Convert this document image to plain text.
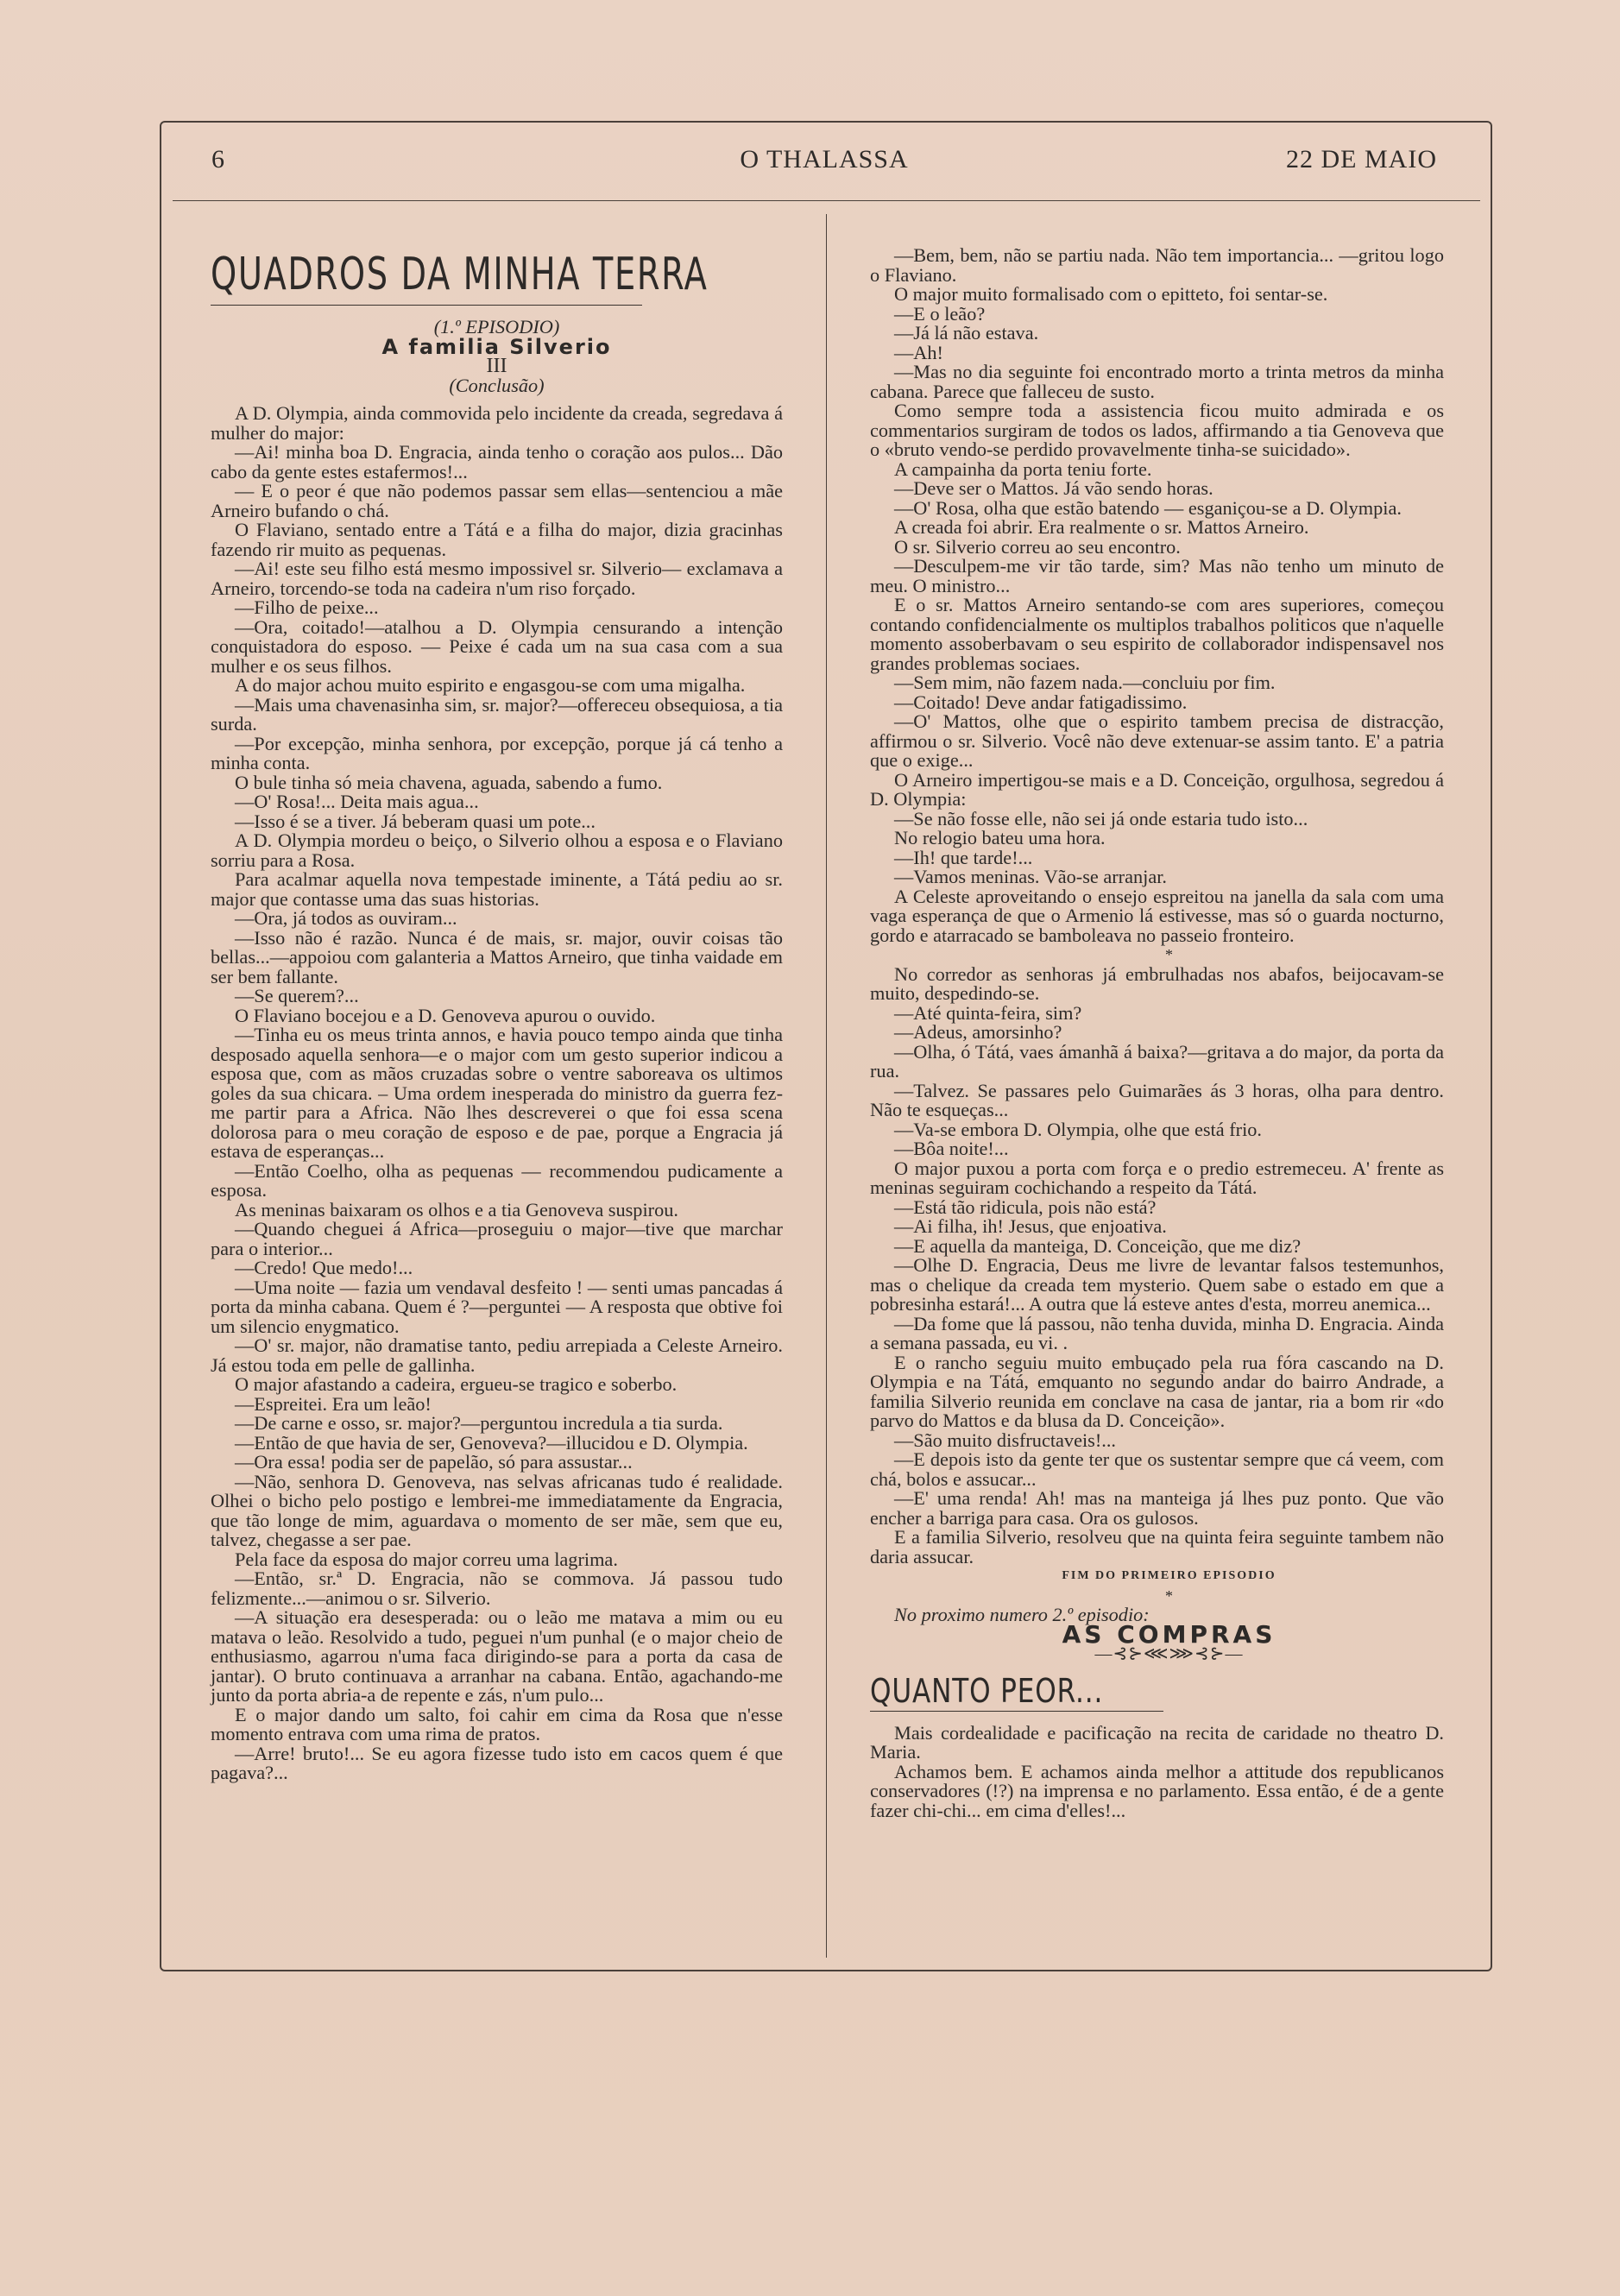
6	O THALASSA	22 DE MAIO
QUADROS DA MINHA TERRA

(1.º EPISODIO)

A familia Silverio

III

(Conclusão)

A D. Olympia, ainda commovida pelo incidente da creada, segredava á mulher do major:

—Ai! minha boa D. Engracia, ainda tenho o coração aos pulos... Dão cabo da gente estes estafermos!...

— E o peor é que não podemos passar sem ellas—sentenciou a mãe Arneiro bufando o chá.

O Flaviano, sentado entre a Tátá e a filha do major, dizia gracinhas fazendo rir muito as pequenas.

—Ai! este seu filho está mesmo impossivel sr. Silverio— exclamava a Arneiro, torcendo-se toda na cadeira n'um riso forçado.

—Filho de peixe...

—Ora, coitado!—atalhou a D. Olympia censurando a intenção conquistadora do esposo. — Peixe é cada um na sua casa com a sua mulher e os seus filhos.

A do major achou muito espirito e engasgou-se com uma migalha.

—Mais uma chavenasinha sim, sr. major?—offereceu obsequiosa, a tia surda.

—Por excepção, minha senhora, por excepção, porque já cá tenho a minha conta.

O bule tinha só meia chavena, aguada, sabendo a fumo.

—O' Rosa!... Deita mais agua...

—Isso é se a tiver. Já beberam quasi um pote...

A D. Olympia mordeu o beiço, o Silverio olhou a esposa e o Flaviano sorriu para a Rosa.

Para acalmar aquella nova tempestade iminente, a Tátá pediu ao sr. major que contasse uma das suas historias.

—Ora, já todos as ouviram...

—Isso não é razão. Nunca é de mais, sr. major, ouvir coisas tão bellas...—appoiou com galanteria a Mattos Arneiro, que tinha vaidade em ser bem fallante.

—Se querem?...

O Flaviano bocejou e a D. Genoveva apurou o ouvido.

—Tinha eu os meus trinta annos, e havia pouco tempo ainda que tinha desposado aquella senhora—e o major com um gesto superior indicou a esposa que, com as mãos cruzadas sobre o ventre saboreava os ultimos goles da sua chicara. – Uma ordem inesperada do ministro da guerra fez-me partir para a Africa. Não lhes descreverei o que foi essa scena dolorosa para o meu coração de esposo e de pae, porque a Engracia já estava de esperanças...

—Então Coelho, olha as pequenas — recommendou pudicamente a esposa.

As meninas baixaram os olhos e a tia Genoveva suspirou.

—Quando cheguei á Africa—proseguiu o major—tive que marchar para o interior...

—Credo! Que medo!...

—Uma noite — fazia um vendaval desfeito ! — senti umas pancadas á porta da minha cabana. Quem é ?—perguntei — A resposta que obtive foi um silencio enygmatico.

—O' sr. major, não dramatise tanto, pediu arrepiada a Celeste Arneiro. Já estou toda em pelle de gallinha.

O major afastando a cadeira, ergueu-se tragico e soberbo.

—Espreitei. Era um leão!

—De carne e osso, sr. major?—perguntou incredula a tia surda.

—Então de que havia de ser, Genoveva?—illucidou e D. Olympia.

—Ora essa! podia ser de papelão, só para assustar...

—Não, senhora D. Genoveva, nas selvas africanas tudo é realidade. Olhei o bicho pelo postigo e lembrei-me immediatamente da Engracia, que tão longe de mim, aguardava o momento de ser mãe, sem que eu, talvez, chegasse a ser pae.

Pela face da esposa do major correu uma lagrima.

—Então, sr.ª D. Engracia, não se commova. Já passou tudo felizmente...—animou o sr. Silverio.

—A situação era desesperada: ou o leão me matava a mim ou eu matava o leão. Resolvido a tudo, peguei n'um punhal (e o major cheio de enthusiasmo, agarrou n'uma faca dirigindo-se para a porta da casa de jantar). O bruto continuava a arranhar na cabana. Então, agachando-me junto da porta abria-a de repente e zás, n'um pulo...

E o major dando um salto, foi cahir em cima da Rosa que n'esse momento entrava com uma rima de pratos.

—Arre! bruto!... Se eu agora fizesse tudo isto em cacos quem é que pagava?...

—Bem, bem, não se partiu nada. Não tem importancia... —gritou logo o Flaviano.

O major muito formalisado com o epitteto, foi sentar-se.

—E o leão?

—Já lá não estava.

—Ah!

—Mas no dia seguinte foi encontrado morto a trinta metros da minha cabana. Parece que falleceu de susto.

Como sempre toda a assistencia ficou muito admirada e os commentarios surgiram de todos os lados, affirmando a tia Genoveva que o «bruto vendo-se perdido provavelmente tinha-se suicidado».

A campainha da porta teniu forte.

—Deve ser o Mattos. Já vão sendo horas.

—O' Rosa, olha que estão batendo — esganiçou-se a D. Olympia.

A creada foi abrir. Era realmente o sr. Mattos Arneiro.

O sr. Silverio correu ao seu encontro.

—Desculpem-me vir tão tarde, sim? Mas não tenho um minuto de meu. O ministro...

E o sr. Mattos Arneiro sentando-se com ares superiores, começou contando confidencialmente os multiplos trabalhos politicos que n'aquelle momento assoberbavam o seu espirito de collaborador indispensavel nos grandes problemas sociaes.

—Sem mim, não fazem nada.—concluiu por fim.

—Coitado! Deve andar fatigadissimo.

—O' Mattos, olhe que o espirito tambem precisa de distracção, affirmou o sr. Silverio. Você não deve extenuar-se assim tanto. E' a patria que o exige...

O Arneiro impertigou-se mais e a D. Conceição, orgulhosa, segredou á D. Olympia:

—Se não fosse elle, não sei já onde estaria tudo isto...

No relogio bateu uma hora.

—Ih! que tarde!...

—Vamos meninas. Vão-se arranjar.

A Celeste aproveitando o ensejo espreitou na janella da sala com uma vaga esperança de que o Armenio lá estivesse, mas só o guarda nocturno, gordo e atarracado se bamboleava no passeio fronteiro.

*

No corredor as senhoras já embrulhadas nos abafos, beijocavam-se muito, despedindo-se.

—Até quinta-feira, sim?

—Adeus, amorsinho?

—Olha, ó Tátá, vaes ámanhã á baixa?—gritava a do major, da porta da rua.

—Talvez. Se passares pelo Guimarães ás 3 horas, olha para dentro. Não te esqueças...

—Va-se embora D. Olympia, olhe que está frio.

—Bôa noite!...

O major puxou a porta com força e o predio estremeceu. A' frente as meninas seguiram cochichando a respeito da Tátá.

—Está tão ridicula, pois não está?

—Ai filha, ih! Jesus, que enjoativa.

—E aquella da manteiga, D. Conceição, que me diz?

—Olhe D. Engracia, Deus me livre de levantar falsos testemunhos, mas o chelique da creada tem mysterio. Quem sabe o estado em que a pobresinha estará!... A outra que lá esteve antes d'esta, morreu anemica...

—Da fome que lá passou, não tenha duvida, minha D. Engracia. Ainda a semana passada, eu vi. .

E o rancho seguiu muito embuçado pela rua fóra cascando na D. Olympia e na Tátá, emquanto no segundo andar do bairro Andrade, a familia Silverio reunida em conclave na casa de jantar, ria a bom rir «do parvo do Mattos e da blusa da D. Conceição».

—São muito disfructaveis!...

—E depois isto da gente ter que os sustentar sempre que cá veem, com chá, bolos e assucar...

—E' uma renda! Ah! mas na manteiga já lhes puz ponto. Que vão encher a barriga para casa. Ora os gulosos.

E a familia Silverio, resolveu que na quinta feira seguinte tambem não daria assucar.

FIM DO PRIMEIRO EPISODIO

*

No proximo numero 2.º episodio:

AS COMPRAS

—⊰⊱⋘⋙⊰⊱—

QUANTO PEOR...

Mais cordealidade e pacificação na recita de caridade no theatro D. Maria.

Achamos bem. E achamos ainda melhor a attitude dos republicanos conservadores (!?) na imprensa e no parlamento. Essa então, é de a gente fazer chi-chi... em cima d'elles!...
